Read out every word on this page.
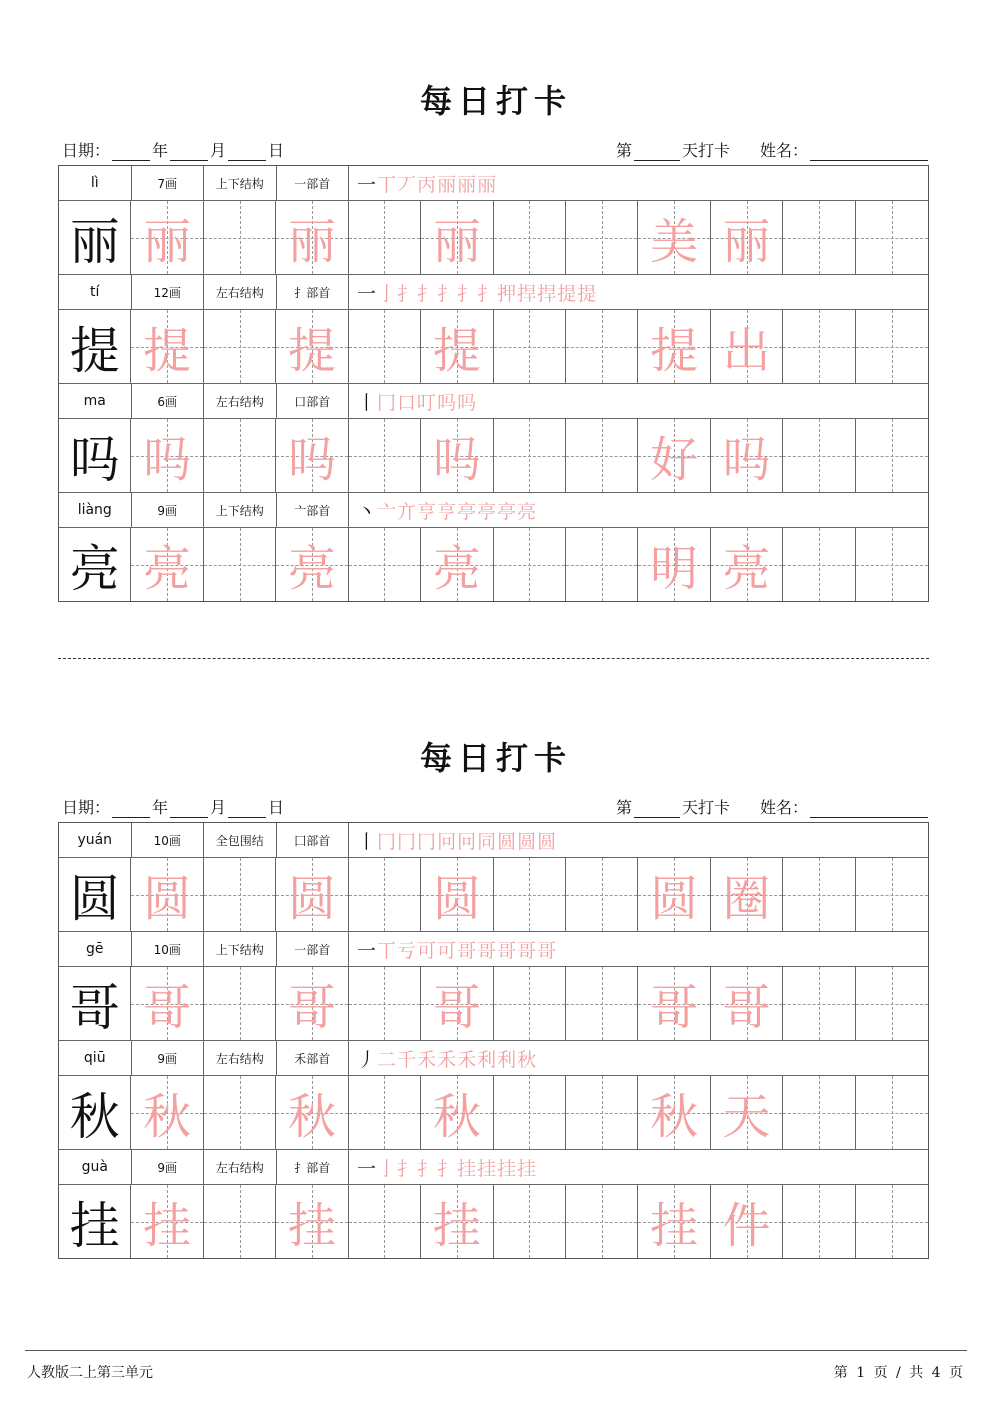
每日打卡
日期：	年	月	日	第	天打卡 姓名：
lì	7画	上下结构	一部首	一 丅 丆 丙 丽 丽 丽
丽 丽 丽 丽	美 丽
tí	12画	左右结构	扌部首	一 亅 扌 扌 扌 扌 扌 押 捍 捍 提 提
提 提 提 提	提 出
ma	6画	左右结构	口部首	丨 冂 口 叮 吗 吗
吗 吗 吗 吗	好 吗
liàng	9画	上下结构	亠部首	丶 亠 亣 亨 亨 亭 亭 亭 亮
亮 亮 亮 亮	明 亮
每日打卡
日期：	年	月	日	第	天打卡 姓名：
yuán	10画	全包围结	囗部首	丨 冂 冂 冂 冋 冋 同 圆 圆 圆
圆 圆 圆 圆	圆 圈
gē	10画	上下结构	一部首	一 丅 亏 可 可 哥 哥 哥 哥 哥
哥 哥 哥 哥	哥 哥
qiū	9画	左右结构	禾部首	丿 二 千 禾 禾 禾 利 利 秋
秋 秋 秋 秋	秋 天
guà	9画	左右结构	扌部首	一 亅 扌 扌 扌 挂 挂 挂 挂
挂 挂 挂 挂	挂 件
人教版二上第三单元	第 1 页 / 共 4 页
